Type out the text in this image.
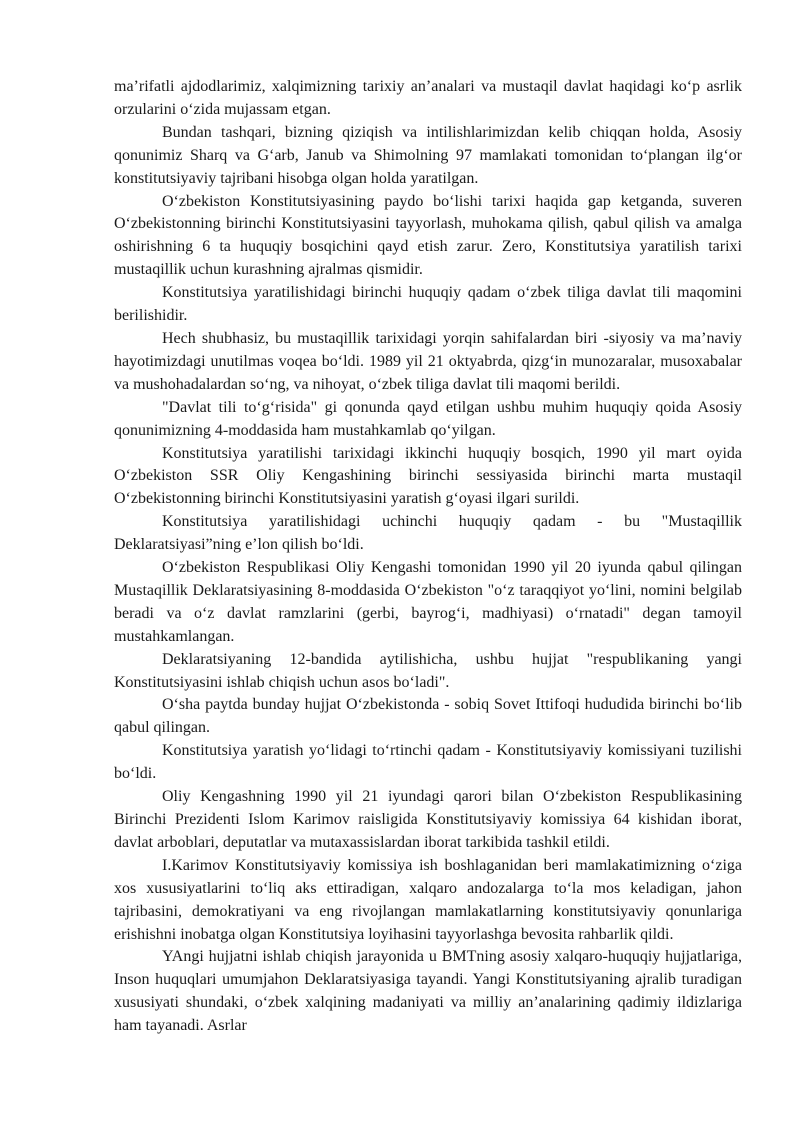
ma’rifatli ajdodlarimiz, xalqimizning tarixiy an’analari va mustaqil davlat haqidagi ko‘p asrlik orzularini o‘zida mujassam etgan.

Bundan tashqari, bizning qiziqish va intilishlarimizdan kelib chiqqan holda, Asosiy qonunimiz Sharq va G‘arb, Janub va Shimolning 97 mamlakati tomonidan to‘plangan ilg‘or konstitutsiyaviy tajribani hisobga olgan holda yaratilgan.

O‘zbekiston Konstitutsiyasining paydo bo‘lishi tarixi haqida gap ketganda, suveren O‘zbekistonning birinchi Konstitutsiyasini tayyorlash, muhokama qilish, qabul qilish va amalga oshirishning 6 ta huquqiy bosqichini qayd etish zarur. Zero, Konstitutsiya yaratilish tarixi mustaqillik uchun kurashning ajralmas qismidir.

Konstitutsiya yaratilishidagi birinchi huquqiy qadam o‘zbek tiliga davlat tili maqomini berilishidir.

Hech shubhasiz, bu mustaqillik tarixidagi yorqin sahifalardan biri -siyosiy va ma’naviy hayotimizdagi unutilmas voqea bo‘ldi. 1989 yil 21 oktyabrda, qizg‘in munozaralar, musoxabalar va mushohadalardan so‘ng, va nihoyat, o‘zbek tiliga davlat tili maqomi berildi.

"Davlat tili to‘g‘risida" gi qonunda qayd etilgan ushbu muhim huquqiy qoida Asosiy qonunimizning 4-moddasida ham mustahkamlab qo‘yilgan.

Konstitutsiya yaratilishi tarixidagi ikkinchi huquqiy bosqich, 1990 yil mart oyida O‘zbekiston SSR Oliy Kengashining birinchi sessiyasida birinchi marta mustaqil O‘zbekistonning birinchi Konstitutsiyasini yaratish g‘oyasi ilgari surildi.

Konstitutsiya yaratilishidagi uchinchi huquqiy qadam - bu "Mustaqillik Deklaratsiyasi”ning e’lon qilish bo‘ldi.

O‘zbekiston Respublikasi Oliy Kengashi tomonidan 1990 yil 20 iyunda qabul qilingan Mustaqillik Deklaratsiyasining 8-moddasida O‘zbekiston "o‘z taraqqiyot yo‘lini, nomini belgilab beradi va o‘z davlat ramzlarini (gerbi, bayrog‘i, madhiyasi) o‘rnatadi" degan tamoyil mustahkamlangan.

Deklaratsiyaning 12-bandida aytilishicha, ushbu hujjat "respublikaning yangi Konstitutsiyasini ishlab chiqish uchun asos bo‘ladi".

O‘sha paytda bunday hujjat O‘zbekistonda - sobiq Sovet Ittifoqi hududida birinchi bo‘lib qabul qilingan.

Konstitutsiya yaratish yo‘lidagi to‘rtinchi qadam - Konstitutsiyaviy komissiyani tuzilishi bo‘ldi.

Oliy Kengashning 1990 yil 21 iyundagi qarori bilan O‘zbekiston Respublikasining Birinchi Prezidenti Islom Karimov raisligida Konstitutsiyaviy komissiya 64 kishidan iborat, davlat arboblari, deputatlar va mutaxassislardan iborat tarkibida tashkil etildi.

I.Karimov Konstitutsiyaviy komissiya ish boshlaganidan beri mamlakatimizning o‘ziga xos xususiyatlarini to‘liq aks ettiradigan, xalqaro andozalarga to‘la mos keladigan, jahon tajribasini, demokratiyani va eng rivojlangan mamlakatlarning konstitutsiyaviy qonunlariga erishishni inobatga olgan Konstitutsiya loyihasini tayyorlashga bevosita rahbarlik qildi.

YAngi hujjatni ishlab chiqish jarayonida u BMTning asosiy xalqaro-huquqiy hujjatlariga, Inson huquqlari umumjahon Deklaratsiyasiga tayandi. Yangi Konstitutsiyaning ajralib turadigan xususiyati shundaki, o‘zbek xalqining madaniyati va milliy an’analarining qadimiy ildizlariga ham tayanadi. Asrlar
